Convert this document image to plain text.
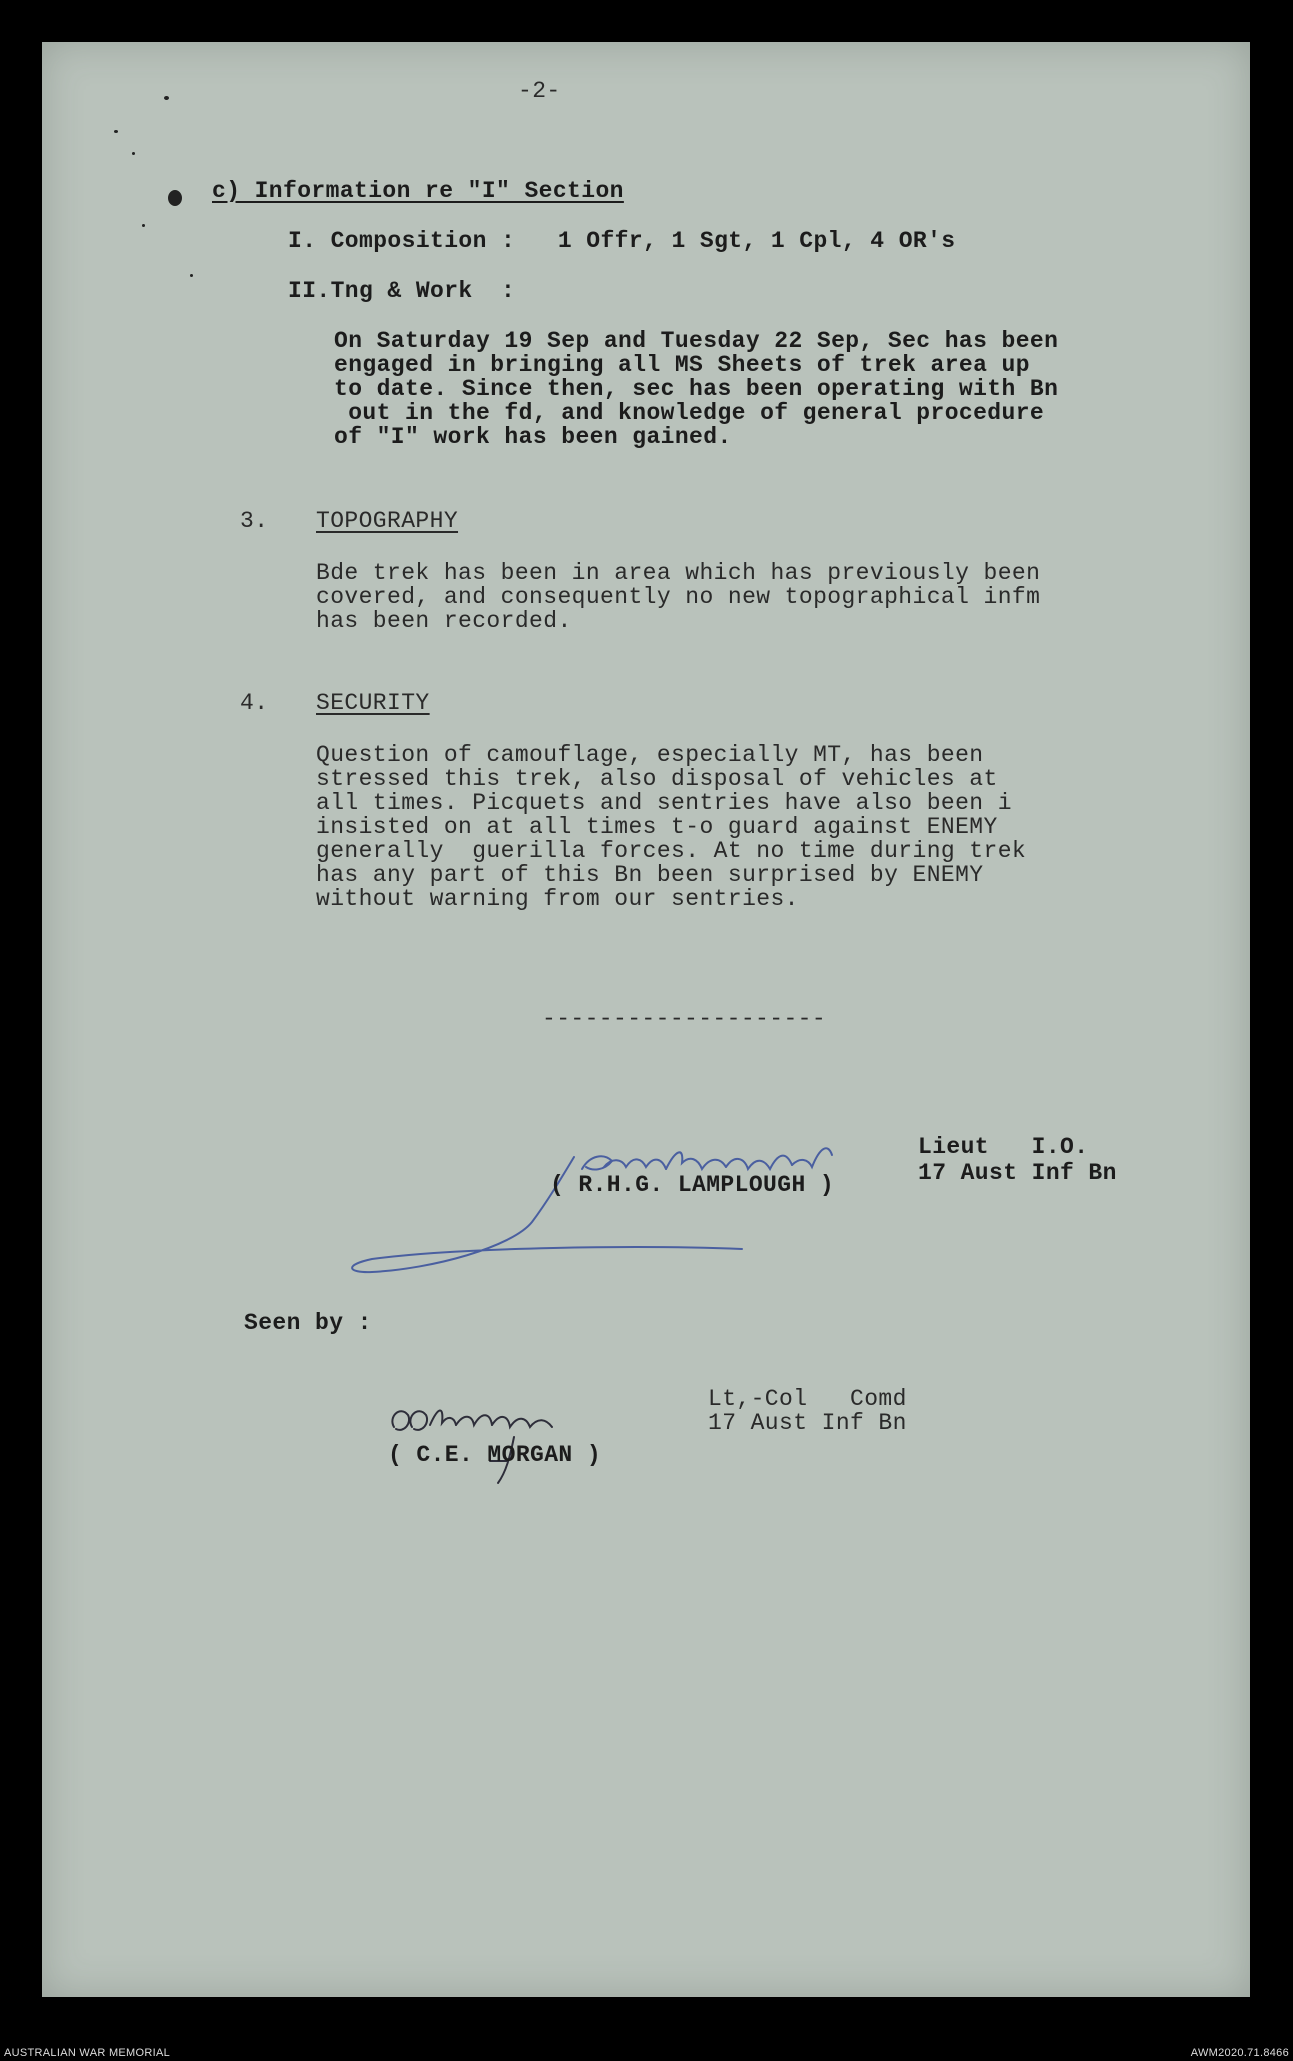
-2-
c) Information re "I" Section
I. Composition :   1 Offr, 1 Sgt, 1 Cpl, 4 OR's
II.Tng & Work  :
On Saturday 19 Sep and Tuesday 22 Sep, Sec has been
engaged in bringing all MS Sheets of trek area up
to date. Since then, sec has been operating with Bn
out in the fd, and knowledge of general procedure
of "I" work has been gained.
3. TOPOGRAPHY
Bde trek has been in area which has previously been
covered, and consequently no new topographical infm
has been recorded.
4. SECURITY
Question of camouflage, especially MT, has been
stressed this trek, also disposal of vehicles at
all times. Picquets and sentries have also been i
insisted on at all times t-o guard against ENEMY
generally  guerilla forces. At no time during trek
has any part of this Bn been surprised by ENEMY
without warning from our sentries.
--------------------
( R.H.G. LAMPLOUGH )
Lieut   I.O.
17 Aust Inf Bn
Seen by :
( C.E. MORGAN )
Lt,-Col   Comd
17 Aust Inf Bn
AUSTRALIAN WAR MEMORIAL	AWM2020.71.8466
